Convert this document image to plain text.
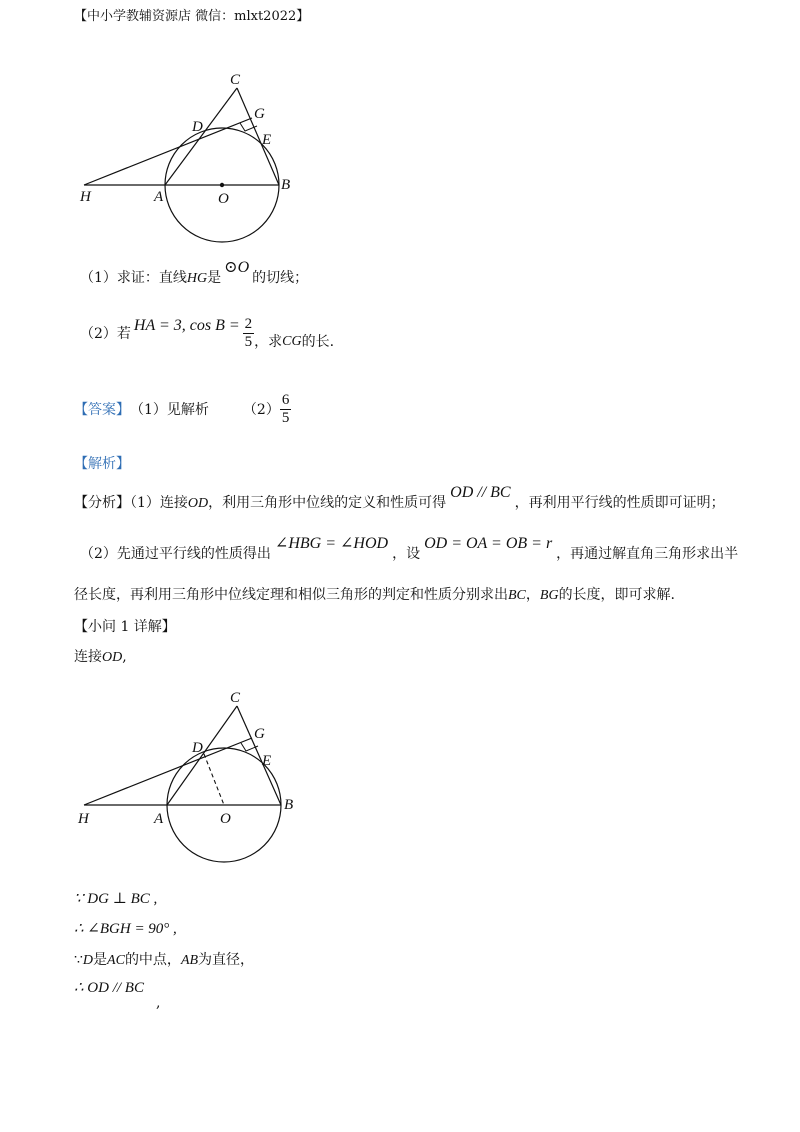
【中小学教辅资源店 微信：mlxt2022】
C
G
D
E
H	A	O
B
（1）求证：直线HG是⊙O的切线；
（2）若 HA = 3, $\cos B = \frac{2}{5}$ ，求 CG 的长.
【答案】 （1）见解析 $(2) \frac{6}{5}$
【解析】
【分析】（1）连接OD，利用三角形中位线的定义和性质可得OD // BC，再利用平行线的性质即可证明；
（2）先通过平行线的性质得出∠HBG = ∠HOD，设OD = OA = OB = r，再通过解直角三角形求出半
径长度，再利用三角形中位线定理和相似三角形的判定和性质分别求出BC，BG的长度，即可求解.
【小问 1 详解】
连接OD,
C
G
D
E
H	A	O
B
∵ DG ⊥ BC ,
∴ ∠BGH = 90° ,
∵D是AC的中点，AB为直径，
∴ OD // BC
,
